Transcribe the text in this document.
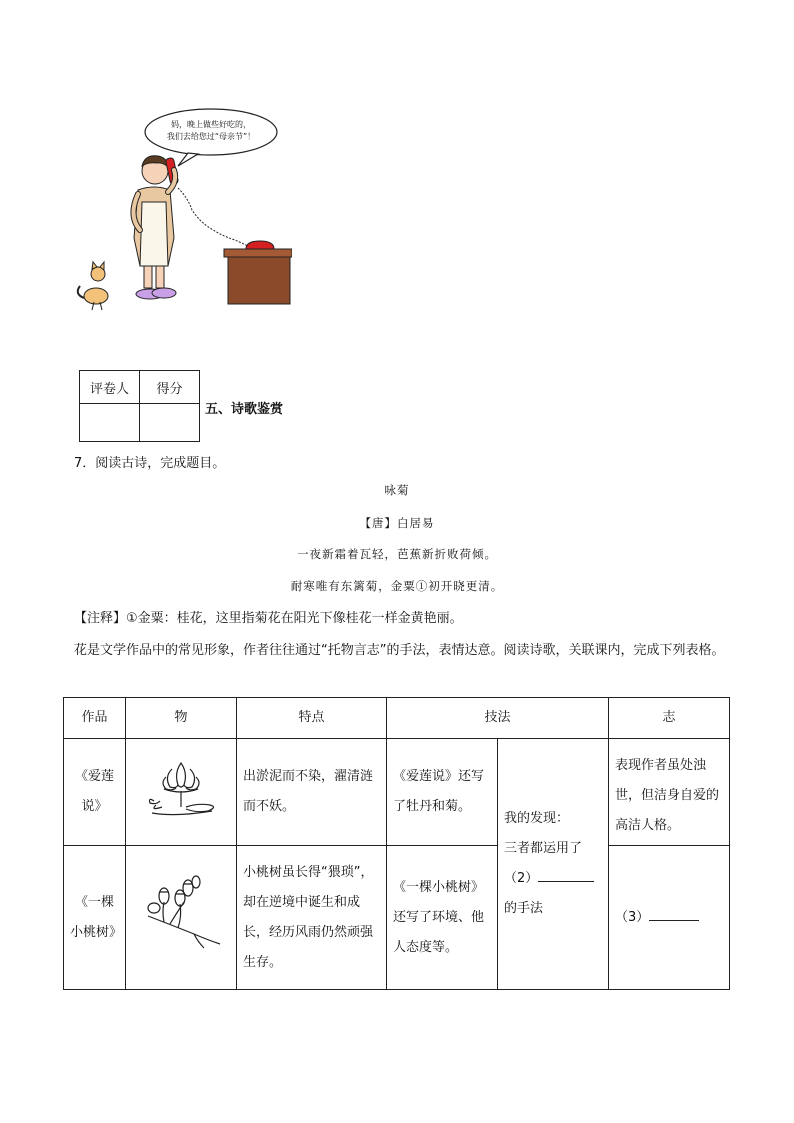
妈，晚上做些好吃的，
我们去给您过“母亲节”！
评卷人	得分

五、诗歌鉴赏
7．阅读古诗，完成题目。
咏菊
【唐】白居易
一夜新霜着瓦轻，芭蕉新折败荷倾。
耐寒唯有东篱菊，金粟①初开晓更清。
【注释】①金粟：桂花，这里指菊花在阳光下像桂花一样金黄艳丽。
花是文学作品中的常见形象，作者往往通过“托物言志”的手法，表情达意。阅读诗歌，关联课内，完成下列表格。
作品	物	特点	技法		志
《爱莲说》		出淤泥而不染，濯清涟而不妖。	《爱莲说》还写了牡丹和菊。	我的发现：
三者都运用了
（2）
的手法	表现作者虽处浊世，但洁身自爱的高洁人格。
《一棵小桃树》		小桃树虽长得“猥琐”，却在逆境中诞生和成长，经历风雨仍然顽强生存。	《一棵小桃树》还写了环境、他人态度等。		（3）
